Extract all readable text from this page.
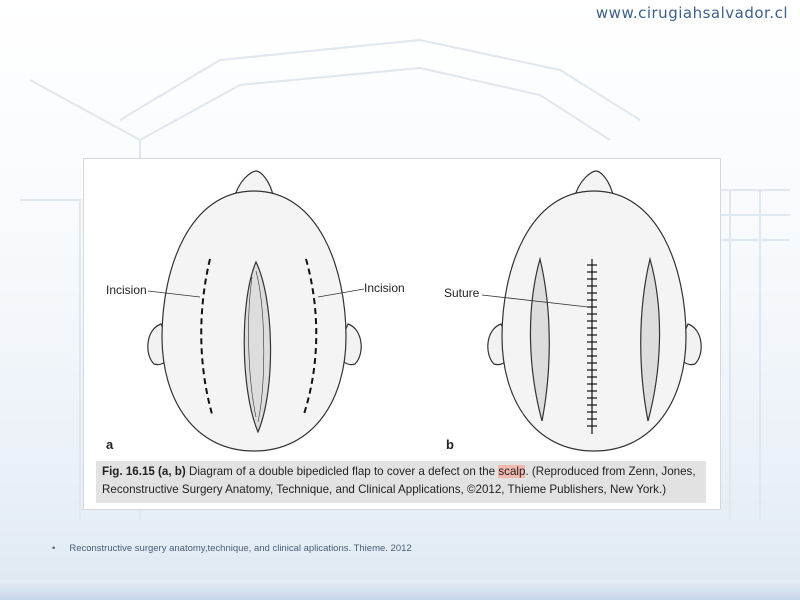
www.cirugiahsalvador.cl
Incision	Incision	Suture
a	b
Fig. 16.15 (a, b) Diagram of a double bipedicled flap to cover a defect on the scalp. (Reproduced from Zenn, Jones, Reconstructive Surgery Anatomy, Technique, and Clinical Applications, ©2012, Thieme Publishers, New York.)
• Reconstructive surgery anatomy,technique, and clinical aplications. Thieme. 2012
